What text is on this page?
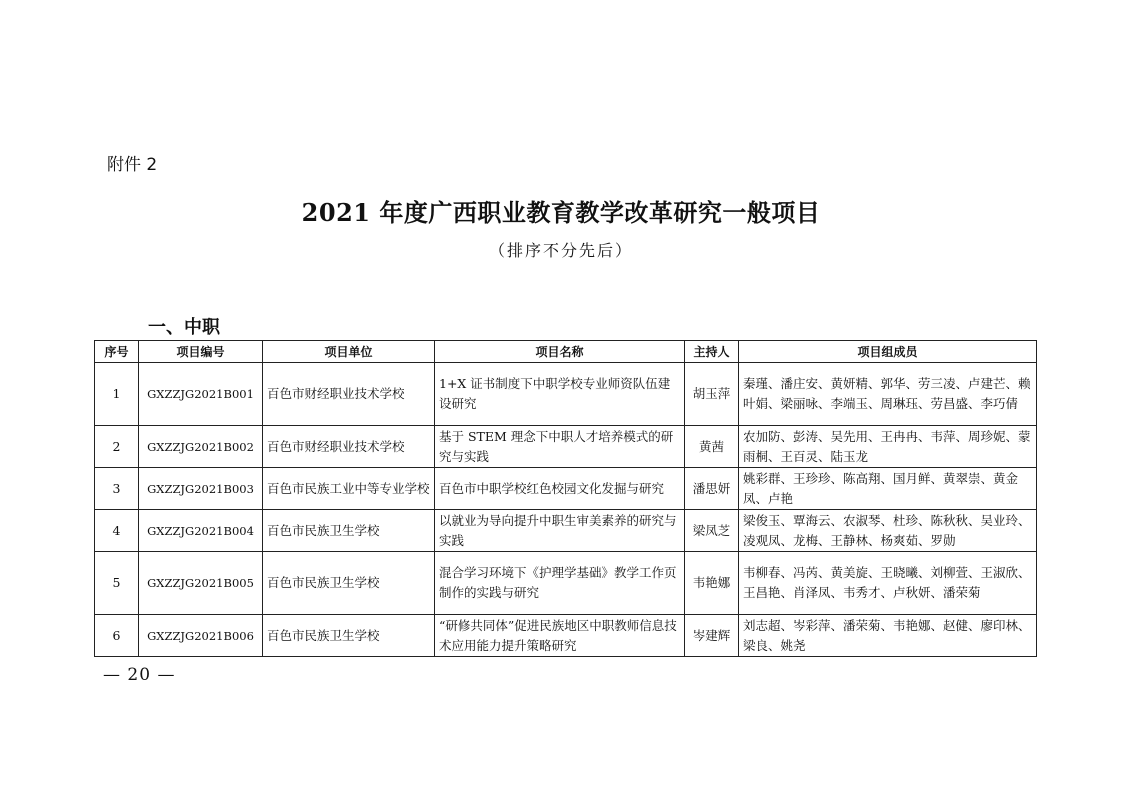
附件 2
2021 年度广西职业教育教学改革研究一般项目
（排序不分先后）
一、中职
序号	项目编号	项目单位	项目名称	主持人	项目组成员
1	GXZZJG2021B001	百色市财经职业技术学校	1+X 证书制度下中职学校专业师资队伍建设研究	胡玉萍	秦瑾、潘庄安、黄妍精、郭华、劳三凌、卢建芒、赖叶娟、梁丽咏、李端玉、周琳珏、劳昌盛、李巧倩
2	GXZZJG2021B002	百色市财经职业技术学校	基于 STEM 理念下中职人才培养模式的研究与实践	黄茜	农加防、彭涛、吴先用、王冉冉、韦萍、周珍妮、蒙雨桐、王百灵、陆玉龙
3	GXZZJG2021B003	百色市民族工业中等专业学校	百色市中职学校红色校园文化发掘与研究	潘思妍	姚彩群、王珍珍、陈高翔、国月鲜、黄翠崇、黄金凤、卢艳
4	GXZZJG2021B004	百色市民族卫生学校	以就业为导向提升中职生审美素养的研究与实践	梁凤芝	梁俊玉、覃海云、农淑琴、杜珍、陈秋秋、吴业玲、凌观凤、龙梅、王静林、杨爽茹、罗勋
5	GXZZJG2021B005	百色市民族卫生学校	混合学习环境下《护理学基础》教学工作页制作的实践与研究	韦艳娜	韦柳春、冯芮、黄美旋、王晓曦、刘柳萱、王淑欣、王昌艳、肖泽凤、韦秀才、卢秋妍、潘荣菊
6	GXZZJG2021B006	百色市民族卫生学校	“研修共同体”促进民族地区中职教师信息技术应用能力提升策略研究	岑建辉	刘志超、岑彩萍、潘荣菊、韦艳娜、赵健、廖印林、梁良、姚尧
— 20 —
